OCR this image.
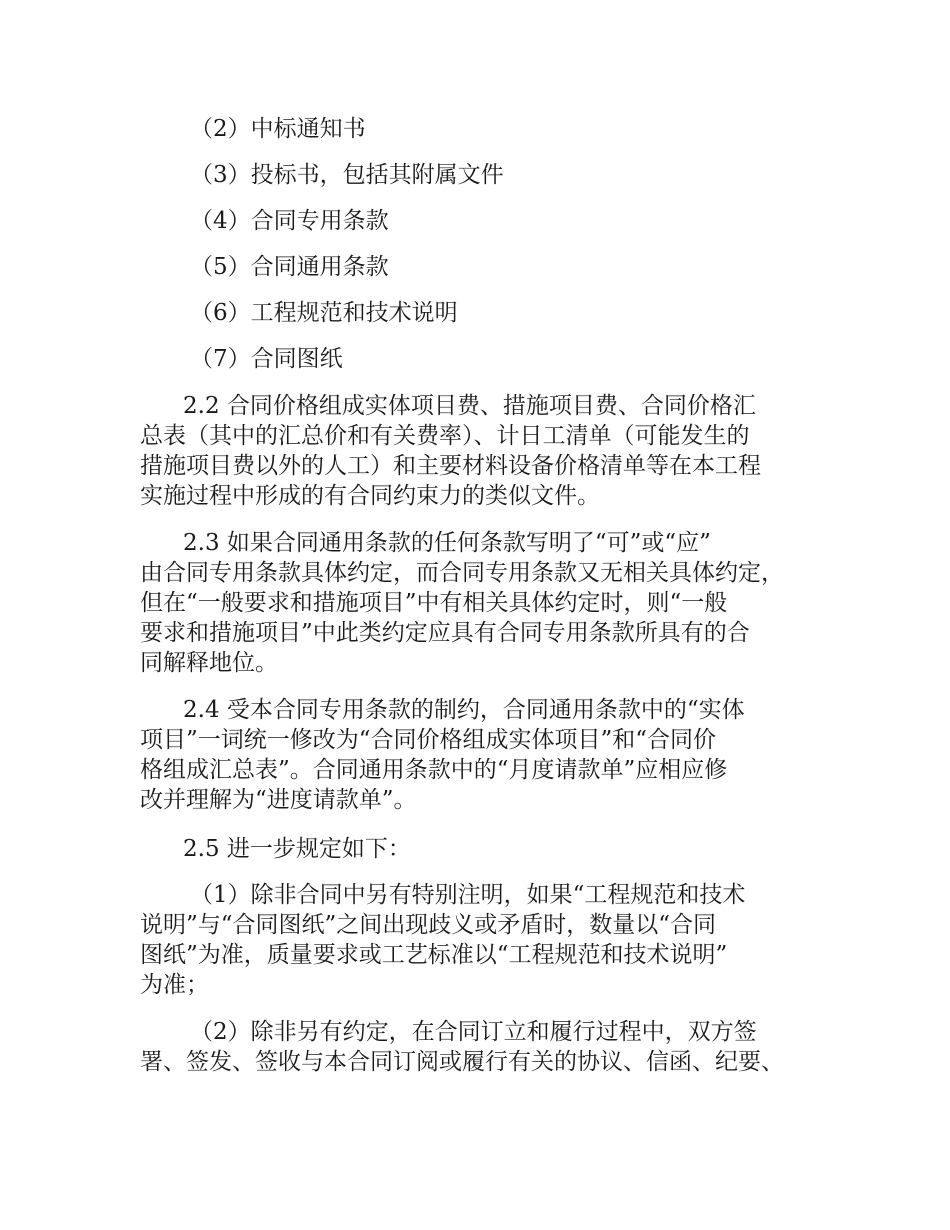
（2）中标通知书

（3）投标书，包括其附属文件

（4）合同专用条款

（5）合同通用条款

（6）工程规范和技术说明

（7）合同图纸

2.2 合同价格组成实体项目费、措施项目费、合同价格汇

总表（其中的汇总价和有关费率）、计日工清单（可能发生的

措施项目费以外的人工）和主要材料设备价格清单等在本工程

实施过程中形成的有合同约束力的类似文件。

2.3 如果合同通用条款的任何条款写明了“可”或“应”

由合同专用条款具体约定，而合同专用条款又无相关具体约定，

但在“一般要求和措施项目”中有相关具体约定时，则“一般

要求和措施项目”中此类约定应具有合同专用条款所具有的合

同解释地位。

2.4 受本合同专用条款的制约，合同通用条款中的“实体

项目”一词统一修改为“合同价格组成实体项目”和“合同价

格组成汇总表”。合同通用条款中的“月度请款单”应相应修

改并理解为“进度请款单”。

2.5 进一步规定如下：

（1）除非合同中另有特别注明，如果“工程规范和技术

说明”与“合同图纸”之间出现歧义或矛盾时，数量以“合同

图纸”为准，质量要求或工艺标准以“工程规范和技术说明”

为准；

（2）除非另有约定，在合同订立和履行过程中，双方签

署、签发、签收与本合同订阅或履行有关的协议、信函、纪要、
